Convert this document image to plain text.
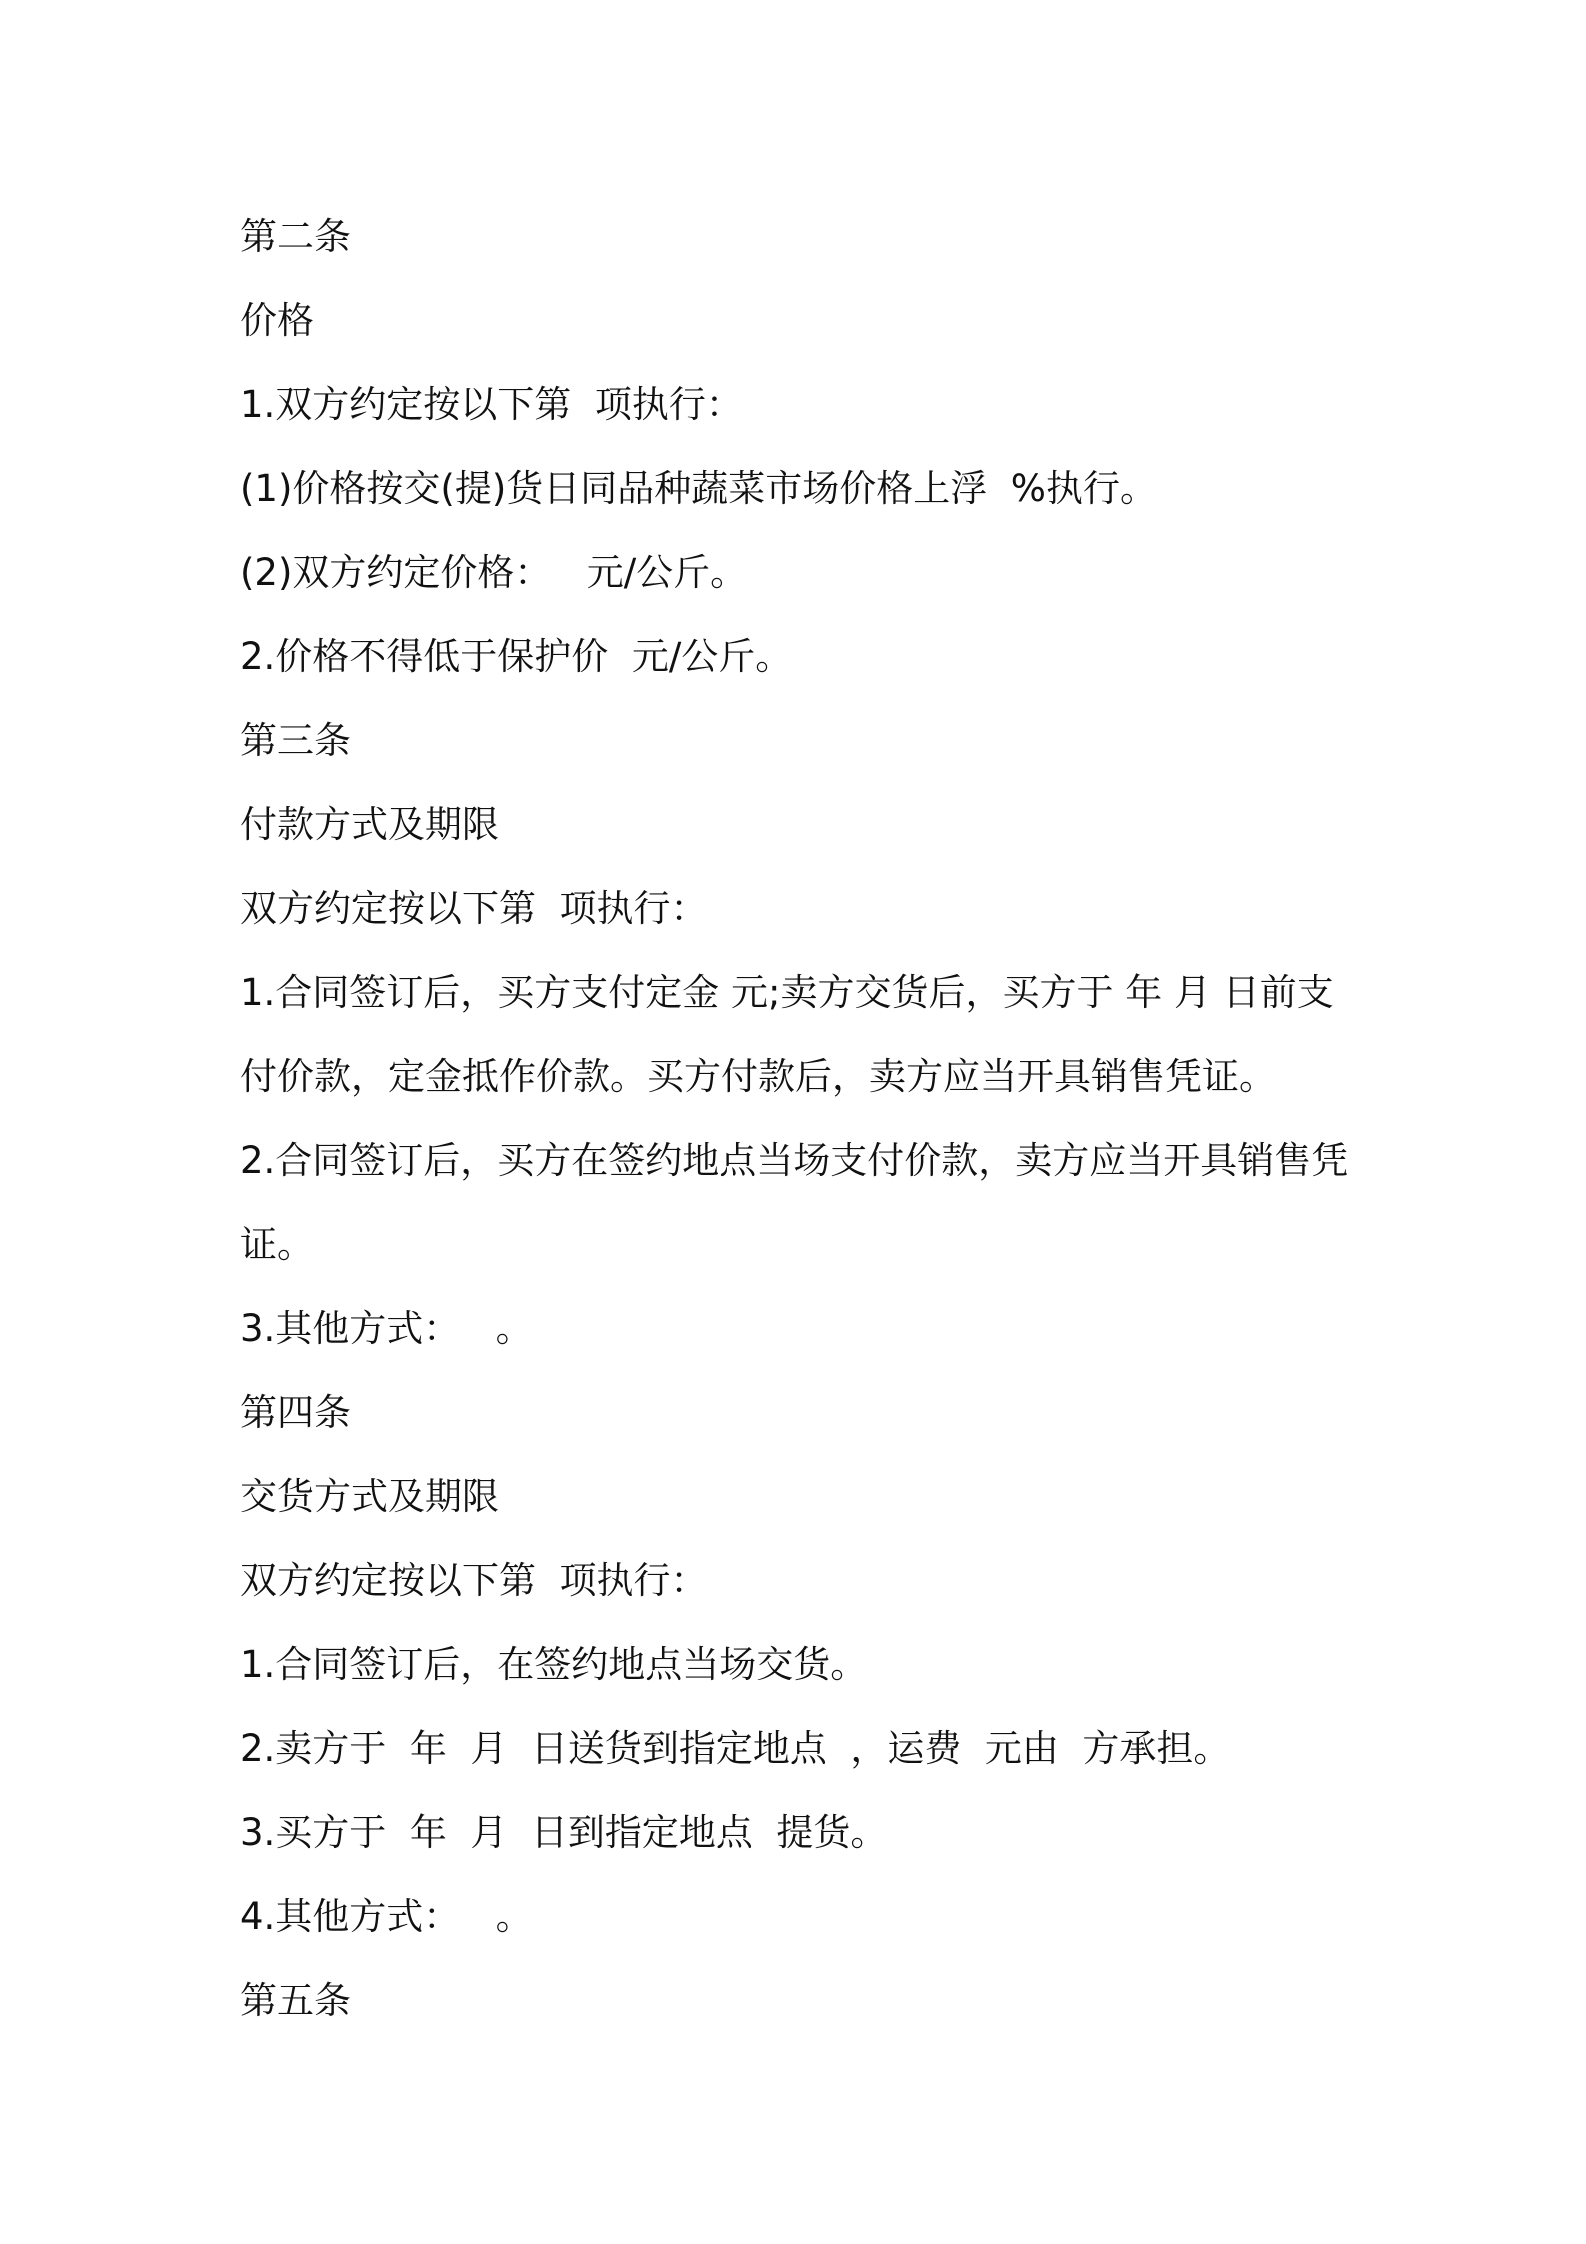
第二条
价格
1.双方约定按以下第  项执行：
(1)价格按交(提)货日同品种蔬菜市场价格上浮  %执行。
(2)双方约定价格：   元/公斤。
2.价格不得低于保护价  元/公斤。
第三条
付款方式及期限
双方约定按以下第  项执行：
1.合同签订后，买方支付定金 元;卖方交货后，买方于 年 月 日前支付价款，定金抵作价款。买方付款后，卖方应当开具销售凭证。
2.合同签订后，买方在签约地点当场支付价款，卖方应当开具销售凭证。
3.其他方式：   。
第四条
交货方式及期限
双方约定按以下第  项执行：
1.合同签订后，在签约地点当场交货。
2.卖方于  年  月  日送货到指定地点  ，运费  元由  方承担。
3.买方于  年  月  日到指定地点  提货。
4.其他方式：   。
第五条
